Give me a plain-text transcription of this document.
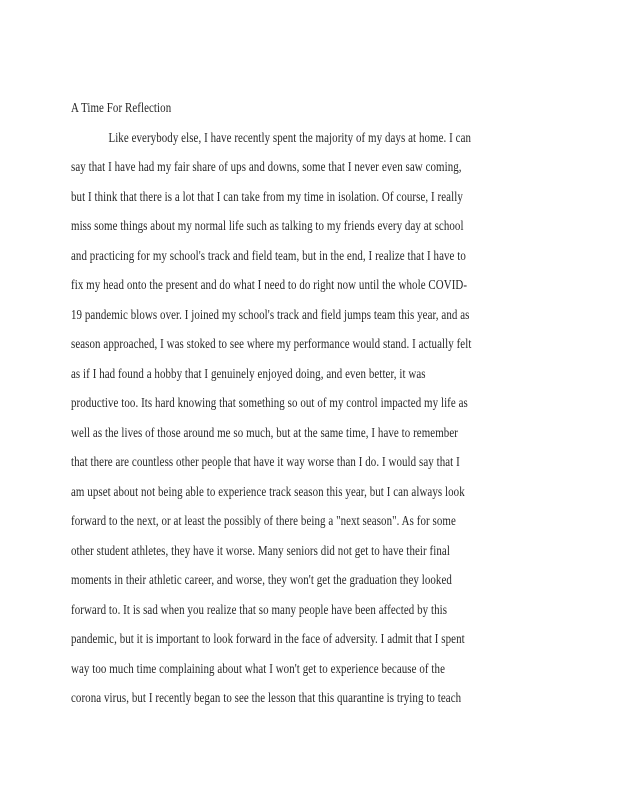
A Time For Reflection
Like everybody else, I have recently spent the majority of my days at home. I can
say that I have had my fair share of ups and downs, some that I never even saw coming,
but I think that there is a lot that I can take from my time in isolation. Of course, I really
miss some things about my normal life such as talking to my friends every day at school
and practicing for my school's track and field team, but in the end, I realize that I have to
fix my head onto the present and do what I need to do right now until the whole COVID-
19 pandemic blows over. I joined my school's track and field jumps team this year, and as
season approached, I was stoked to see where my performance would stand. I actually felt
as if I had found a hobby that I genuinely enjoyed doing, and even better, it was
productive too. Its hard knowing that something so out of my control impacted my life as
well as the lives of those around me so much, but at the same time, I have to remember
that there are countless other people that have it way worse than I do. I would say that I
am upset about not being able to experience track season this year, but I can always look
forward to the next, or at least the possibly of there being a "next season". As for some
other student athletes, they have it worse. Many seniors did not get to have their final
moments in their athletic career, and worse, they won't get the graduation they looked
forward to. It is sad when you realize that so many people have been affected by this
pandemic, but it is important to look forward in the face of adversity. I admit that I spent
way too much time complaining about what I won't get to experience because of the
corona virus, but I recently began to see the lesson that this quarantine is trying to teach
